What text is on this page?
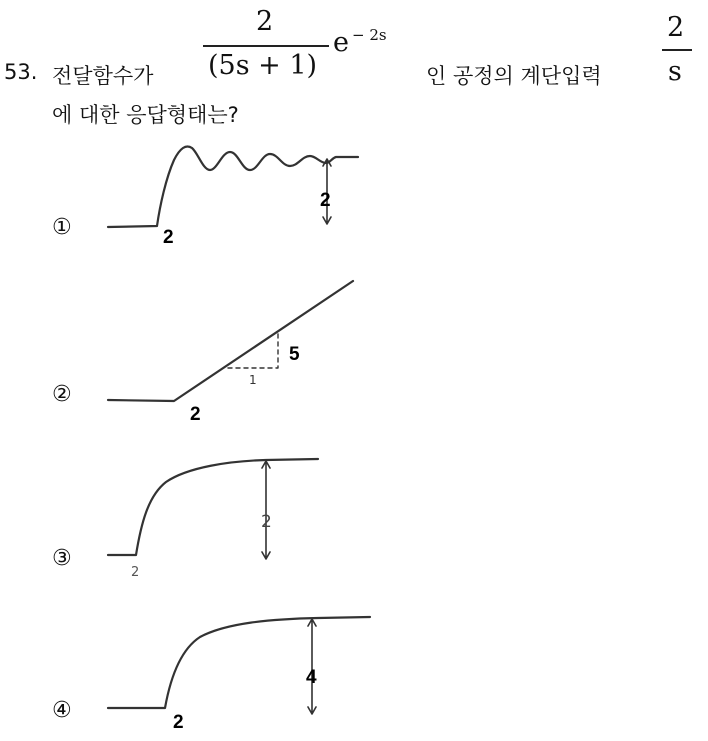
53. 전달함수가
2
(5s + 1)
e − 2s
인 공정의 계단입력
2
s
에 대한 응답형태는?
①
②
③
④
2
2
5
1
2
2
2
4
2
